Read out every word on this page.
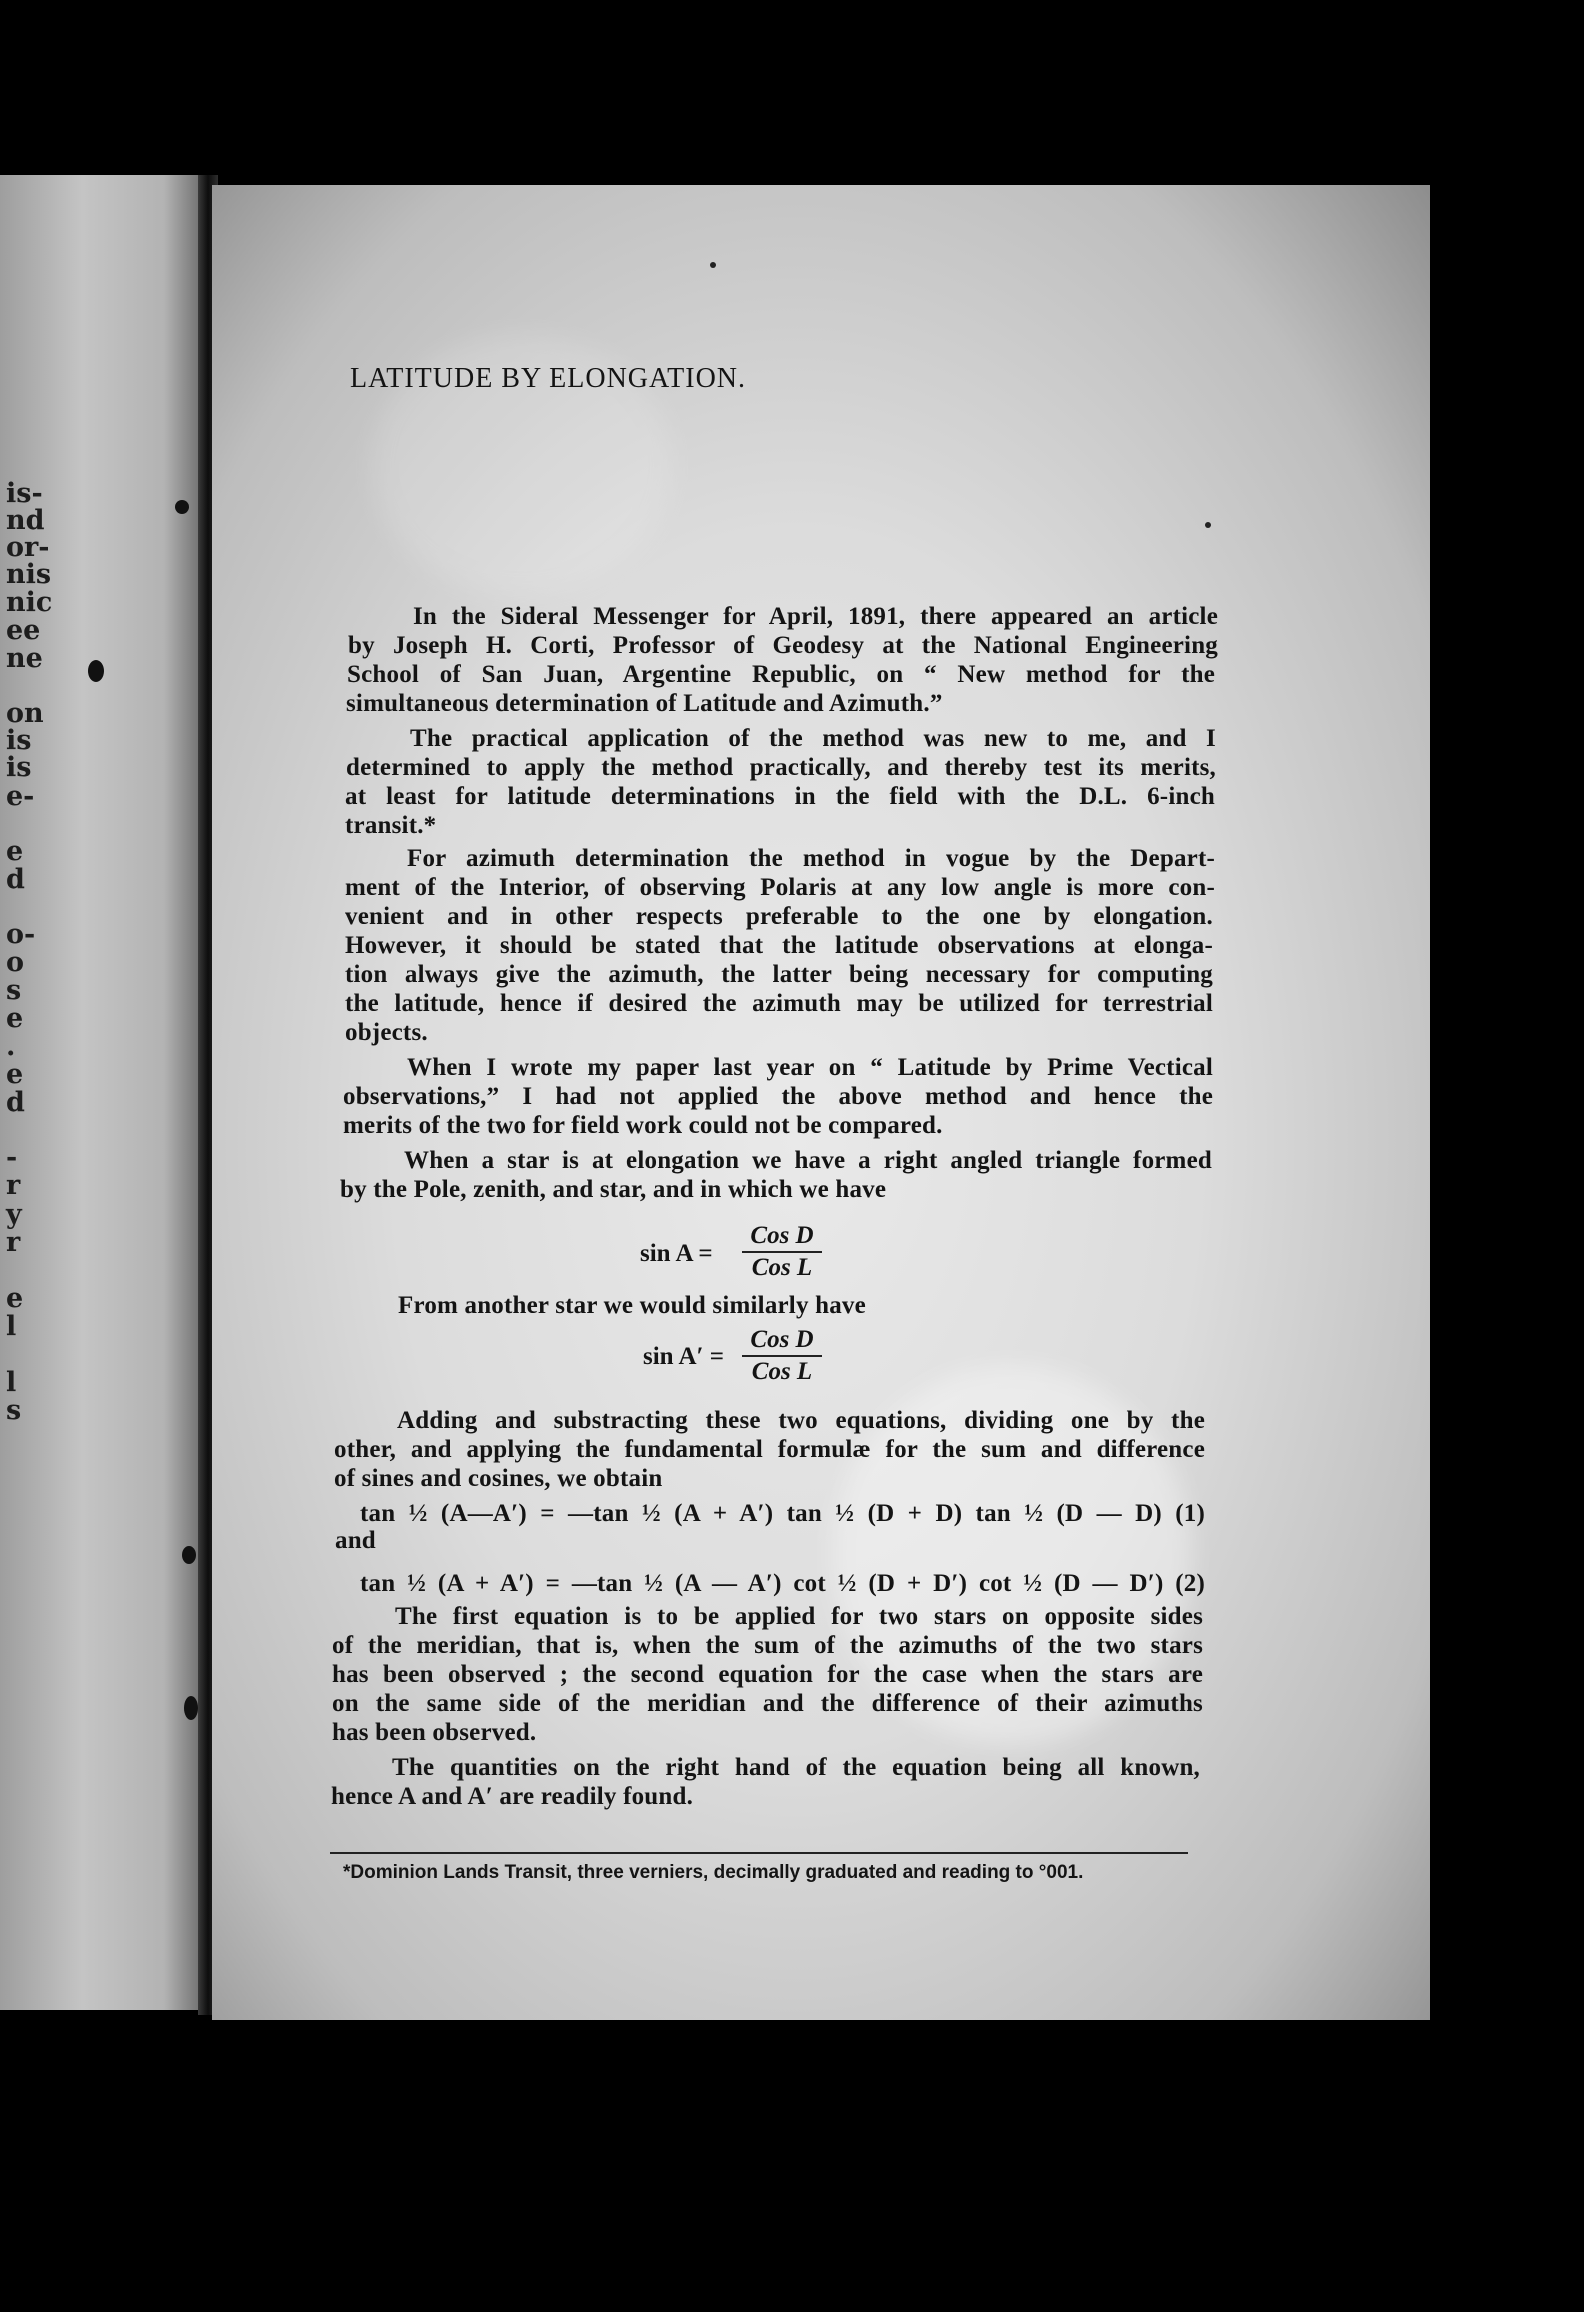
is-
nd
or-
nis
nic
ee
ne
on
is
is
e-
e
d
o-
o
s
e
.
e
d
-
r
y
r
e
l
l
s
LATITUDE BY ELONGATION.
In the Sideral Messenger for April, 1891, there appeared an article
by Joseph H. Corti, Professor of Geodesy at the National Engineering
School of San Juan, Argentine Republic, on “ New method for the
simultaneous determination of Latitude and Azimuth.”
The practical application of the method was new to me, and I
determined to apply the method practically, and thereby test its merits,
at least for latitude determinations in the field with the D.L. 6-inch
transit.*
For azimuth determination the method in vogue by the Depart-
ment of the Interior, of observing Polaris at any low angle is more con-
venient and in other respects preferable to the one by elongation.
However, it should be stated that the latitude observations at elonga-
tion always give the azimuth, the latter being necessary for computing
the latitude, hence if desired the azimuth may be utilized for terrestrial
objects.
When I wrote my paper last year on “ Latitude by Prime Vectical
observations,” I had not applied the above method and hence the
merits of the two for field work could not be compared.
When a star is at elongation we have a right angled triangle formed
by the Pole, zenith, and star, and in which we have
sin A =
Cos D
Cos L
From another star we would similarly have
sin A′ =
Cos D
Cos L
Adding and substracting these two equations, dividing one by the
other, and applying the fundamental formulæ for the sum and difference
of sines and cosines, we obtain
tan ½ (A—A′) = —tan ½ (A + A′) tan ½ (D + D) tan ½ (D — D) (1)
and
tan ½ (A + A′) = —tan ½ (A — A′) cot ½ (D + D′) cot ½ (D — D′) (2)
The first equation is to be applied for two stars on opposite sides
of the meridian, that is, when the sum of the azimuths of the two stars
has been observed ; the second equation for the case when the stars are
on the same side of the meridian and the difference of their azimuths
has been observed.
The quantities on the right hand of the equation being all known,
hence A and A′ are readily found.
*Dominion Lands Transit, three verniers, decimally graduated and reading to °001.
